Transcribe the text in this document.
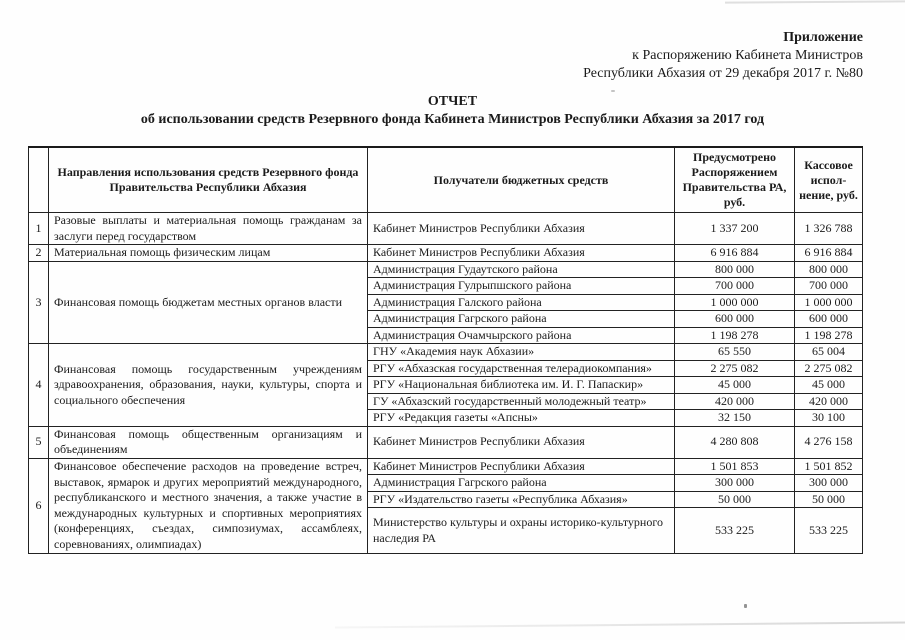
Приложение
к Распоряжению Кабинета Министров
Республики Абхазия от 29 декабря 2017 г. №80
ОТЧЕТ
об использовании средств Резервного фонда Кабинета Министров Республики Абхазия за 2017 год
	Направления использования средств Резервного фонда Правительства Республики Абхазия	Получатели бюджетных средств	Предусмотрено Распоряжением Правительства РА, руб.	Кассовое испол-нение, руб.
1	Разовые выплаты и материальная помощь гражданам за заслуги перед государством	Кабинет Министров Республики Абхазия	1 337 200	1 326 788
2	Материальная помощь физическим лицам	Кабинет Министров Республики Абхазия	6 916 884	6 916 884
3	Финансовая помощь бюджетам местных органов власти	Администрация Гудаутского района	800 000	800 000
		Администрация Гулрыпшского района	700 000	700 000
		Администрация Галского района	1 000 000	1 000 000
		Администрация Гагрского района	600 000	600 000
		Администрация Очамчырского района	1 198 278	1 198 278
4	Финансовая помощь государственным учреждениям здравоохранения, образования, науки, культуры, спорта и социального обеспечения	ГНУ «Академия наук Абхазии»	65 550	65 004
		РГУ «Абхазская государственная телерадиокомпания»	2 275 082	2 275 082
		РГУ «Национальная библиотека им. И. Г. Папаскир»	45 000	45 000
		ГУ «Абхазский государственный молодежный театр»	420 000	420 000
		РГУ «Редакция газеты «Апсны»	32 150	30 100
5	Финансовая помощь общественным организациям и объединениям	Кабинет Министров Республики Абхазия	4 280 808	4 276 158
6	Финансовое обеспечение расходов на проведение встреч, выставок, ярмарок и других мероприятий международного, республиканского и местного значения, а также участие в международных культурных и спортивных мероприятиях (конференциях, съездах, симпозиумах, ассамблеях, соревнованиях, олимпиадах)	Кабинет Министров Республики Абхазия	1 501 853	1 501 852
		Администрация Гагрского района	300 000	300 000
		РГУ «Издательство газеты «Республика Абхазия»	50 000	50 000
		Министерство культуры и охраны историко-культурного наследия РА	533 225	533 225
